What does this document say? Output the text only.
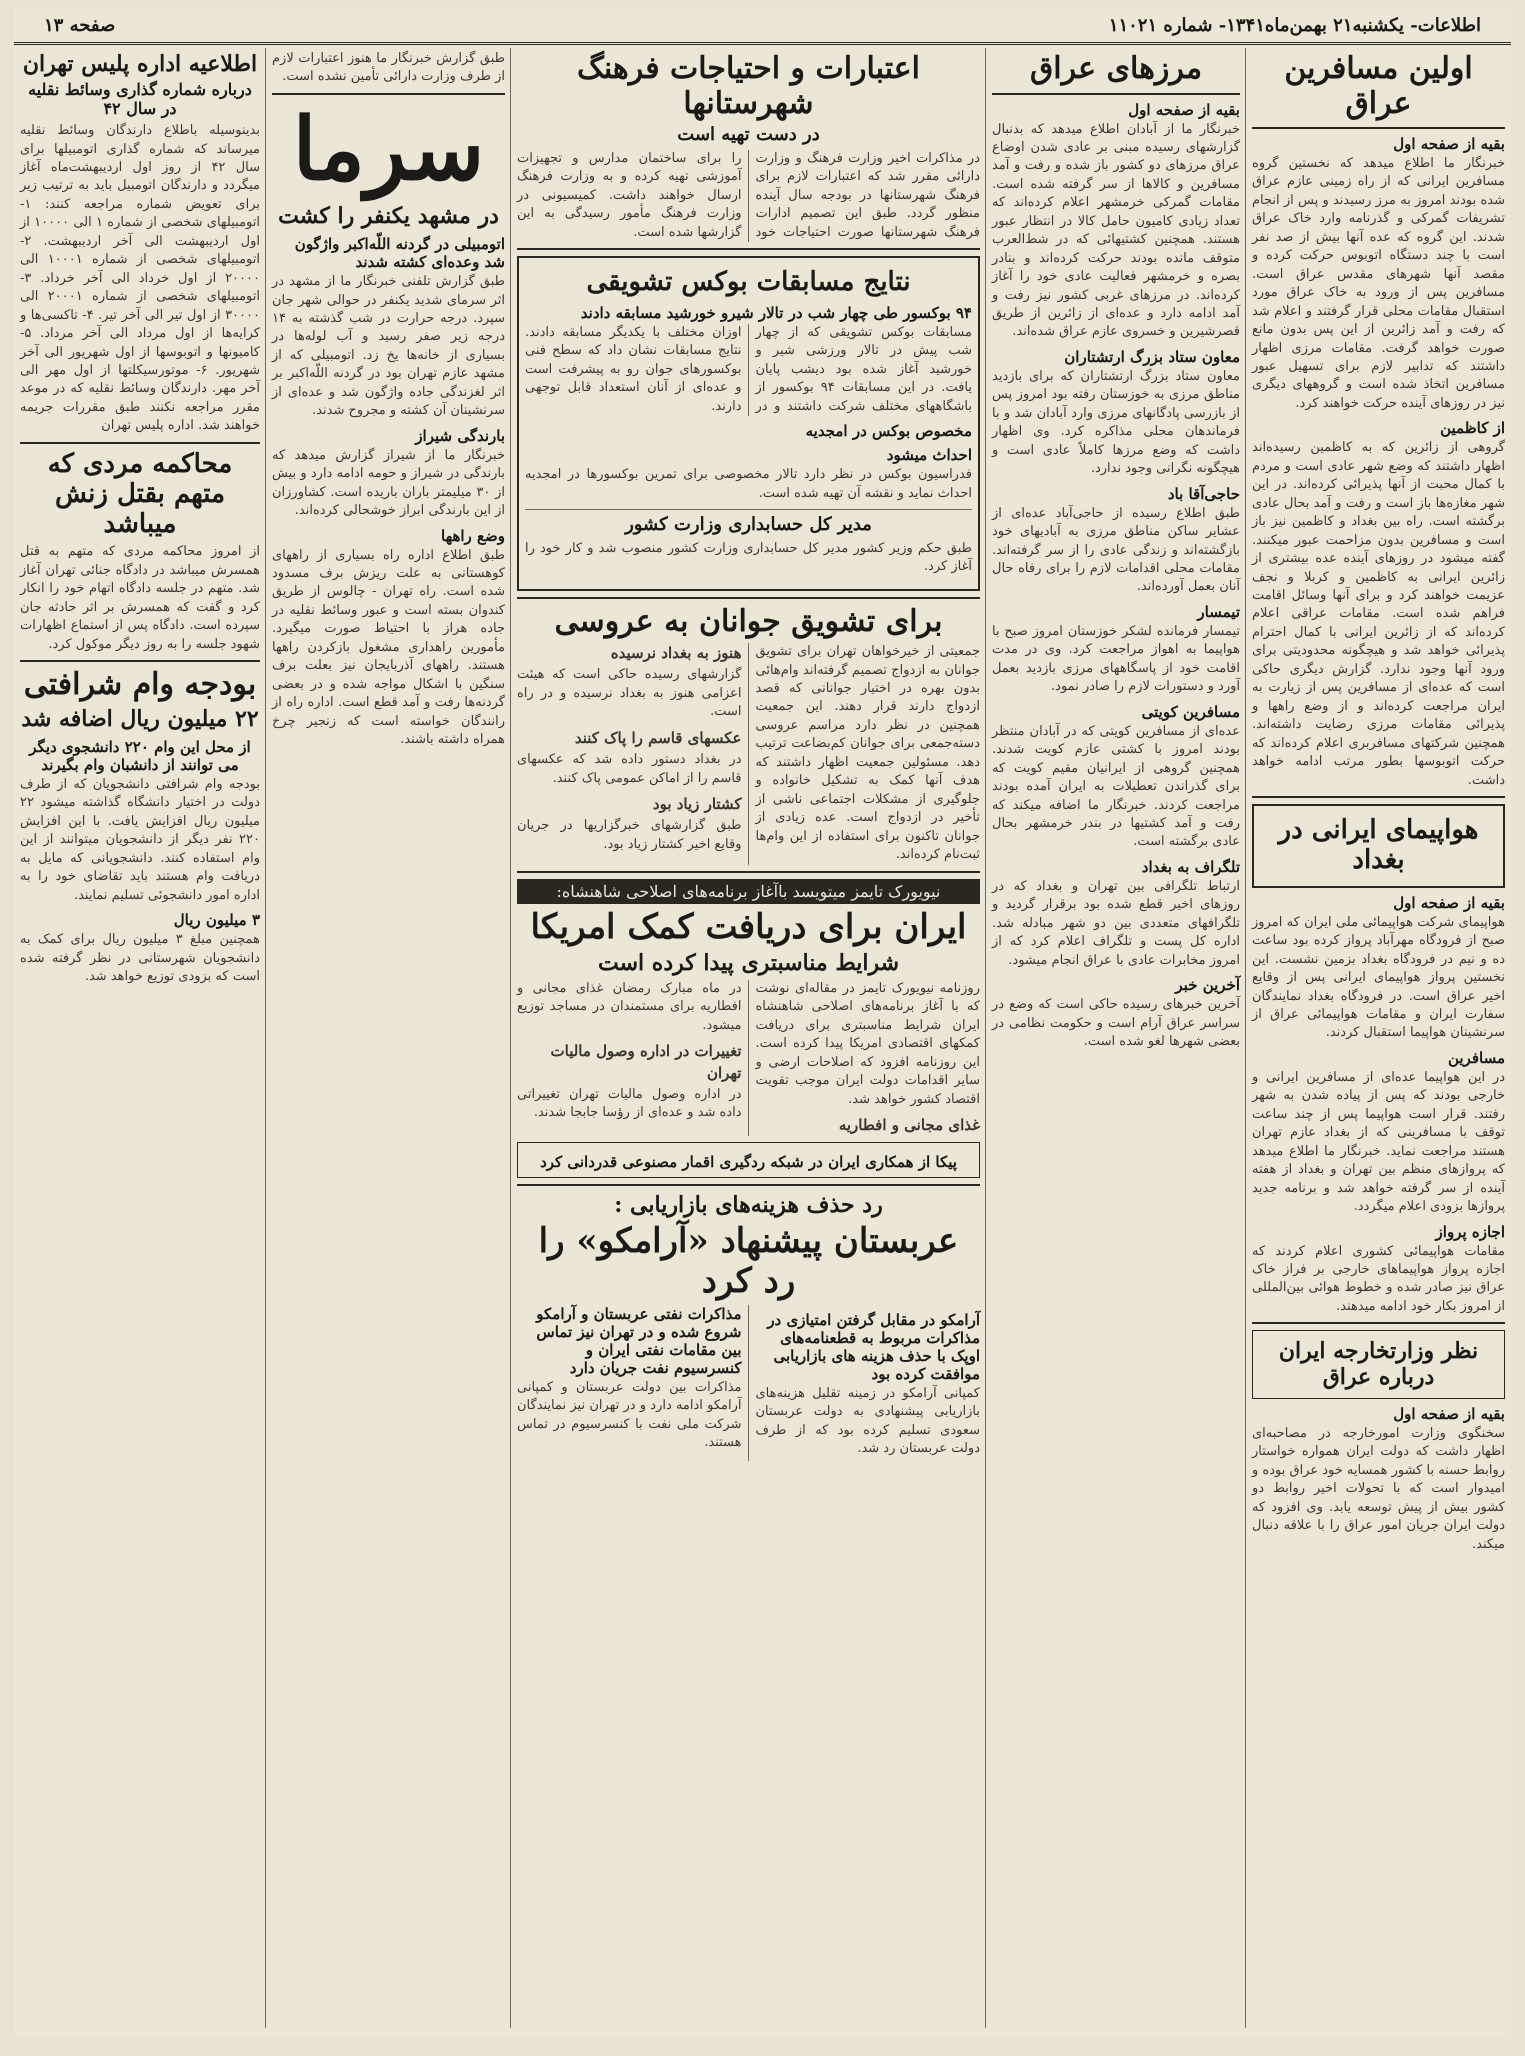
اطلاعات- یکشنبه۲۱ بهمن‌ماه۱۳۴۱- شماره ۱۱۰۲۱
صفحه ۱۳
اولین مسافرین عراق
بقیه از صفحه اول
خبرنگار ما اطلاع میدهد که نخستین گروه مسافرین ایرانی که از راه زمینی عازم عراق شده بودند امروز به مرز رسیدند و پس از انجام تشریفات گمرکی و گذرنامه وارد خاک عراق شدند. این گروه که عده آنها بیش از صد نفر است با چند دستگاه اتوبوس حرکت کرده و مقصد آنها شهرهای مقدس عراق است. مسافرین پس از ورود به خاک عراق مورد استقبال مقامات محلی قرار گرفتند و اعلام شد که رفت و آمد زائرین از این پس بدون مانع صورت خواهد گرفت. مقامات مرزی اظهار داشتند که تدابیر لازم برای تسهیل عبور مسافرین اتخاذ شده است و گروههای دیگری نیز در روزهای آینده حرکت خواهند کرد.
از کاظمین
گروهی از زائرین که به کاظمین رسیده‌اند اظهار داشتند که وضع شهر عادی است و مردم با کمال محبت از آنها پذیرائی کرده‌اند. در این شهر مغازه‌ها باز است و رفت و آمد بحال عادی برگشته است. راه بین بغداد و کاظمین نیز باز است و مسافرین بدون مزاحمت عبور میکنند. گفته میشود در روزهای آینده عده بیشتری از زائرین ایرانی به کاظمین و کربلا و نجف عزیمت خواهند کرد و برای آنها وسائل اقامت فراهم شده است. مقامات عراقی اعلام کرده‌اند که از زائرین ایرانی با کمال احترام پذیرائی خواهد شد و هیچگونه محدودیتی برای ورود آنها وجود ندارد. گزارش دیگری حاکی است که عده‌ای از مسافرین پس از زیارت به ایران مراجعت کرده‌اند و از وضع راهها و پذیرائی مقامات مرزی رضایت داشته‌اند. همچنین شرکتهای مسافربری اعلام کرده‌اند که حرکت اتوبوسها بطور مرتب ادامه خواهد داشت.
هواپیمای ایرانی در بغداد
بقیه از صفحه اول
هواپیمای شرکت هواپیمائی ملی ایران که امروز صبح از فرودگاه مهرآباد پرواز کرده بود ساعت ده و نیم در فرودگاه بغداد بزمین نشست. این نخستین پرواز هواپیمای ایرانی پس از وقایع اخیر عراق است. در فرودگاه بغداد نمایندگان سفارت ایران و مقامات هواپیمائی عراق از سرنشینان هواپیما استقبال کردند.
مسافرین
در این هواپیما عده‌ای از مسافرین ایرانی و خارجی بودند که پس از پیاده شدن به شهر رفتند. قرار است هواپیما پس از چند ساعت توقف با مسافرینی که از بغداد عازم تهران هستند مراجعت نماید. خبرنگار ما اطلاع میدهد که پروازهای منظم بین تهران و بغداد از هفته آینده از سر گرفته خواهد شد و برنامه جدید پروازها بزودی اعلام میگردد.
اجازه پرواز
مقامات هواپیمائی کشوری اعلام کردند که اجازه پرواز هواپیماهای خارجی بر فراز خاک عراق نیز صادر شده و خطوط هوائی بین‌المللی از امروز بکار خود ادامه میدهند.
نظر وزارتخارجه ایران درباره عراق
بقیه از صفحه اول
سخنگوی وزارت امورخارجه در مصاحبه‌ای اظهار داشت که دولت ایران همواره خواستار روابط حسنه با کشور همسایه خود عراق بوده و امیدوار است که با تحولات اخیر روابط دو کشور بیش از پیش توسعه یابد. وی افزود که دولت ایران جریان امور عراق را با علاقه دنبال میکند.
مرزهای عراق
بقیه از صفحه اول
خبرنگار ما از آبادان اطلاع میدهد که بدنبال گزارشهای رسیده مبنی بر عادی شدن اوضاع عراق مرزهای دو کشور باز شده و رفت و آمد مسافرین و کالاها از سر گرفته شده است. مقامات گمرکی خرمشهر اعلام کرده‌اند که تعداد زیادی کامیون حامل کالا در انتظار عبور هستند. همچنین کشتیهائی که در شط‌العرب متوقف مانده بودند حرکت کرده‌اند و بنادر بصره و خرمشهر فعالیت عادی خود را آغاز کرده‌اند. در مرزهای غربی کشور نیز رفت و آمد ادامه دارد و عده‌ای از زائرین از طریق قصرشیرین و خسروی عازم عراق شده‌اند.
معاون ستاد بزرگ ارتشتاران
معاون ستاد بزرگ ارتشتاران که برای بازدید مناطق مرزی به خوزستان رفته بود امروز پس از بازرسی پادگانهای مرزی وارد آبادان شد و با فرماندهان محلی مذاکره کرد. وی اظهار داشت که وضع مرزها کاملاً عادی است و هیچگونه نگرانی وجود ندارد.
حاجی‌آقا باد
طبق اطلاع رسیده از حاجی‌آباد عده‌ای از عشایر ساکن مناطق مرزی به آبادیهای خود بازگشته‌اند و زندگی عادی را از سر گرفته‌اند. مقامات محلی اقدامات لازم را برای رفاه حال آنان بعمل آورده‌اند.
تیمسار
تیمسار فرمانده لشکر خوزستان امروز صبح با هواپیما به اهواز مراجعت کرد. وی در مدت اقامت خود از پاسگاههای مرزی بازدید بعمل آورد و دستورات لازم را صادر نمود.
مسافرین کویتی
عده‌ای از مسافرین کویتی که در آبادان منتظر بودند امروز با کشتی عازم کویت شدند. همچنین گروهی از ایرانیان مقیم کویت که برای گذراندن تعطیلات به ایران آمده بودند مراجعت کردند. خبرنگار ما اضافه میکند که رفت و آمد کشتیها در بندر خرمشهر بحال عادی برگشته است.
تلگراف به بغداد
ارتباط تلگرافی بین تهران و بغداد که در روزهای اخیر قطع شده بود برقرار گردید و تلگرافهای متعددی بین دو شهر مبادله شد. اداره کل پست و تلگراف اعلام کرد که از امروز مخابرات عادی با عراق انجام میشود.
آخرین خبر
آخرین خبرهای رسیده حاکی است که وضع در سراسر عراق آرام است و حکومت نظامی در بعضی شهرها لغو شده است.
اعتبارات و احتیاجات فرهنگ شهرستانها
در دست تهیه است
در مذاکرات اخیر وزارت فرهنگ و وزارت دارائی مقرر شد که اعتبارات لازم برای فرهنگ شهرستانها در بودجه سال آینده منظور گردد. طبق این تصمیم ادارات فرهنگ شهرستانها صورت احتیاجات خود را برای ساختمان مدارس و تجهیزات آموزشی تهیه کرده و به وزارت فرهنگ ارسال خواهند داشت. کمیسیونی در وزارت فرهنگ مأمور رسیدگی به این گزارشها شده است.
نتایج مسابقات بوکس تشویقی
۹۴ بوکسور طی چهار شب در تالار شیرو خورشید مسابقه دادند
مسابقات بوکس تشویقی که از چهار شب پیش در تالار ورزشی شیر و خورشید آغاز شده بود دیشب پایان یافت. در این مسابقات ۹۴ بوکسور از باشگاههای مختلف شرکت داشتند و در اوزان مختلف با یکدیگر مسابقه دادند. نتایج مسابقات نشان داد که سطح فنی بوکسورهای جوان رو به پیشرفت است و عده‌ای از آنان استعداد قابل توجهی دارند.
مخصوص بوکس در امجدیه
احداث میشود
فدراسیون بوکس در نظر دارد تالار مخصوصی برای تمرین بوکسورها در امجدیه احداث نماید و نقشه آن تهیه شده است.
مدیر کل حسابداری وزارت کشور
طبق حکم وزیر کشور مدیر کل حسابداری وزارت کشور منصوب شد و کار خود را آغاز کرد.
برای تشویق جوانان به عروسی
جمعیتی از خیرخواهان تهران برای تشویق جوانان به ازدواج تصمیم گرفته‌اند وام‌هائی بدون بهره در اختیار جوانانی که قصد ازدواج دارند قرار دهند. این جمعیت همچنین در نظر دارد مراسم عروسی دسته‌جمعی برای جوانان کم‌بضاعت ترتیب دهد. مسئولین جمعیت اظهار داشتند که هدف آنها کمک به تشکیل خانواده و جلوگیری از مشکلات اجتماعی ناشی از تأخیر در ازدواج است. عده زیادی از جوانان تاکنون برای استفاده از این وام‌ها ثبت‌نام کرده‌اند.
هنوز به بغداد نرسیده
گزارشهای رسیده حاکی است که هیئت اعزامی هنوز به بغداد نرسیده و در راه است.
عکسهای قاسم را پاک کنند
در بغداد دستور داده شد که عکسهای قاسم را از اماکن عمومی پاک کنند.
کشتار زیاد بود
طبق گزارشهای خبرگزاریها در جریان وقایع اخیر کشتار زیاد بود.
نیویورک تایمز میتویسد باآغاز برنامه‌های اصلاحی شاهنشاه:
ایران برای دریافت کمک امریکا
شرایط مناسبتری پیدا کرده است
روزنامه نیویورک تایمز در مقاله‌ای نوشت که با آغاز برنامه‌های اصلاحی شاهنشاه ایران شرایط مناسبتری برای دریافت کمکهای اقتصادی امریکا پیدا کرده است. این روزنامه افزود که اصلاحات ارضی و سایر اقدامات دولت ایران موجب تقویت اقتصاد کشور خواهد شد.
غذای مجانی و افطاریه
در ماه مبارک رمضان غذای مجانی و افطاریه برای مستمندان در مساجد توزیع میشود.
تغییرات در اداره وصول مالیات تهران
در اداره وصول مالیات تهران تغییراتی داده شد و عده‌ای از رؤسا جابجا شدند.
پیکا از همکاری ایران در شبکه ردگیری اقمار مصنوعی قدردانی کرد
رد حذف هزینه‌های بازاریابی :
عربستان پیشنهاد «آرامکو» را رد کرد
آرامکو در مقابل گرفتن امتیازی در مذاکرات مربوط به قطعنامه‌های اوپک با حذف هزینه های بازاریابی موافقت کرده بود
کمپانی آرامکو در زمینه تقلیل هزینه‌های بازاریابی پیشنهادی به دولت عربستان سعودی تسلیم کرده بود که از طرف دولت عربستان رد شد.
مذاکرات نفتی عربستان و آرامکو شروع شده و در تهران نیز تماس بین مقامات نفتی ایران و کنسرسیوم نفت جریان دارد
مذاکرات بین دولت عربستان و کمپانی آرامکو ادامه دارد و در تهران نیز نمایندگان شرکت ملی نفت با کنسرسیوم در تماس هستند.
طبق گزارش خبرنگار ما هنوز اعتبارات لازم از طرف وزارت دارائی تأمین نشده است.
سرما
در مشهد یکنفر را کشت
اتومبیلی در گردنه اللّه‌اکبر واژگون شد وعده‌ای کشته شدند
طبق گزارش تلفنی خبرنگار ما از مشهد در اثر سرمای شدید یکنفر در حوالی شهر جان سپرد. درجه حرارت در شب گذشته به ۱۴ درجه زیر صفر رسید و آب لوله‌ها در بسیاری از خانه‌ها یخ زد. اتومبیلی که از مشهد عازم تهران بود در گردنه اللّه‌اکبر بر اثر لغزندگی جاده واژگون شد و عده‌ای از سرنشینان آن کشته و مجروح شدند.
بارندگی شیراز
خبرنگار ما از شیراز گزارش میدهد که بارندگی در شیراز و حومه ادامه دارد و بیش از ۳۰ میلیمتر باران باریده است. کشاورزان از این بارندگی ابراز خوشحالی کرده‌اند.
وضع راهها
طبق اطلاع اداره راه بسیاری از راههای کوهستانی به علت ریزش برف مسدود شده است. راه تهران - چالوس از طریق کندوان بسته است و عبور وسائط نقلیه در جاده هراز با احتیاط صورت میگیرد. مأمورین راهداری مشغول بازکردن راهها هستند. راههای آذربایجان نیز بعلت برف سنگین با اشکال مواجه شده و در بعضی گردنه‌ها رفت و آمد قطع است. اداره راه از رانندگان خواسته است که زنجیر چرخ همراه داشته باشند.
اطلاعیه اداره پلیس تهران
درباره شماره گذاری وسائط نقلیه در سال ۴۲
بدینوسیله باطلاع دارندگان وسائط نقلیه میرساند که شماره گذاری اتومبیلها برای سال ۴۲ از روز اول اردیبهشت‌ماه آغاز میگردد و دارندگان اتومبیل باید به ترتیب زیر برای تعویض شماره مراجعه کنند: ۱- اتومبیلهای شخصی از شماره ۱ الی ۱۰۰۰۰ از اول اردیبهشت الی آخر اردیبهشت. ۲- اتومبیلهای شخصی از شماره ۱۰۰۰۱ الی ۲۰۰۰۰ از اول خرداد الی آخر خرداد. ۳- اتومبیلهای شخصی از شماره ۲۰۰۰۱ الی ۳۰۰۰۰ از اول تیر الی آخر تیر. ۴- تاکسی‌ها و کرایه‌ها از اول مرداد الی آخر مرداد. ۵- کامیونها و اتوبوسها از اول شهریور الی آخر شهریور. ۶- موتورسیکلتها از اول مهر الی آخر مهر. دارندگان وسائط نقلیه که در موعد مقرر مراجعه نکنند طبق مقررات جریمه خواهند شد. اداره پلیس تهران
محاکمه مردی که متهم بقتل زنش میباشد
از امروز محاکمه مردی که متهم به قتل همسرش میباشد در دادگاه جنائی تهران آغاز شد. متهم در جلسه دادگاه اتهام خود را انکار کرد و گفت که همسرش بر اثر حادثه جان سپرده است. دادگاه پس از استماع اظهارات شهود جلسه را به روز دیگر موکول کرد.
بودجه وام شرافتی
۲۲ میلیون ریال اضافه شد
از محل این وام ۲۲۰ دانشجوی دیگر می توانند از دانشبان وام بگیرند
بودجه وام شرافتی دانشجویان که از طرف دولت در اختیار دانشگاه گذاشته میشود ۲۲ میلیون ریال افزایش یافت. با این افزایش ۲۲۰ نفر دیگر از دانشجویان میتوانند از این وام استفاده کنند. دانشجویانی که مایل به دریافت وام هستند باید تقاضای خود را به اداره امور دانشجوئی تسلیم نمایند.
۳ میلیون ریال
همچنین مبلغ ۳ میلیون ریال برای کمک به دانشجویان شهرستانی در نظر گرفته شده است که بزودی توزیع خواهد شد.
